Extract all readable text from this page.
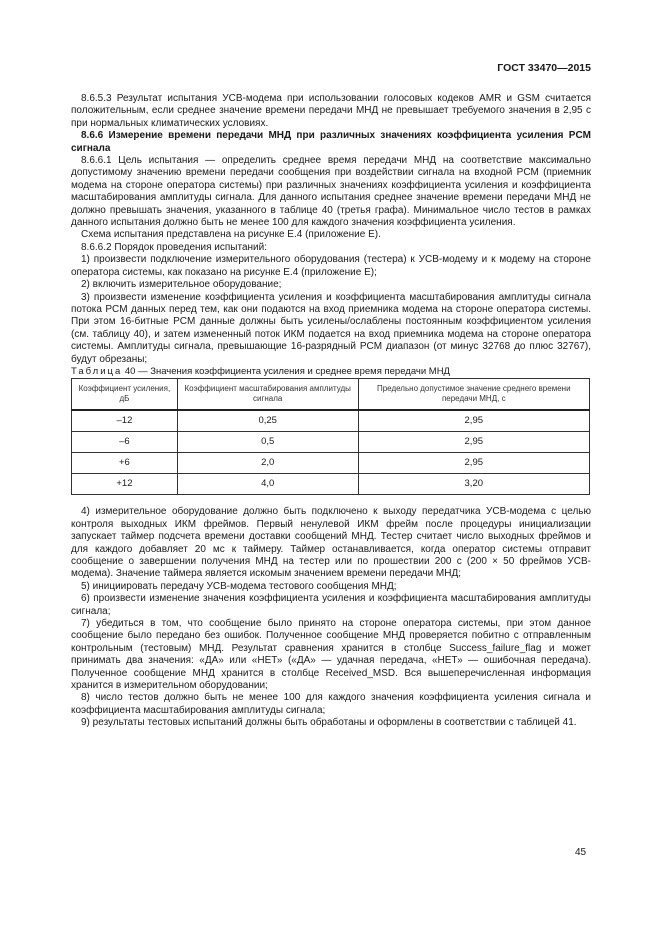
ГОСТ 33470—2015

8.6.5.3 Результат испытания УСВ-модема при использовании голосовых кодеков AMR и GSM считается положительным, если среднее значение времени передачи МНД не превышает требуемого значения в 2,95 с при нормальных климатических условиях.

8.6.6 Измерение времени передачи МНД при различных значениях коэффициента усиления PCM сигнала

8.6.6.1 Цель испытания — определить среднее время передачи МНД на соответствие максимально допустимому значению времени передачи сообщения при воздействии сигнала на входной PCM (приемник модема на стороне оператора системы) при различных значениях коэффициента усиления и коэффициента масштабирования амплитуды сигнала. Для данного испытания среднее значение времени передачи МНД не должно превышать значения, указанного в таблице 40 (третья графа). Минимальное число тестов в рамках данного испытания должно быть не менее 100 для каждого значения коэффициента усиления.

Схема испытания представлена на рисунке Е.4 (приложение Е).

8.6.6.2 Порядок проведения испытаний:

1) произвести подключение измерительного оборудования (тестера) к УСВ-модему и к модему на стороне оператора системы, как показано на рисунке Е.4 (приложение Е);

2) включить измерительное оборудование;

3) произвести изменение коэффициента усиления и коэффициента масштабирования амплитуды сигнала потока PCM данных перед тем, как они подаются на вход приемника модема на стороне оператора системы. При этом 16-битные PCM данные должны быть усилены/ослаблены постоянным коэффициентом усиления (см. таблицу 40), и затем измененный поток ИКМ подается на вход приемника модема на стороне оператора системы. Амплитуды сигнала, превышающие 16-разрядный PCM диапазон (от минус 32768 до плюс 32767), будут обрезаны;

Таблица 40 — Значения коэффициента усиления и среднее время передачи МНД

Коэффициент усиления, дБ	Коэффициент масштабирования амплитуды сигнала	Предельно допустимое значение среднего времени передачи МНД, с
–12	0,25	2,95
–6	0,5	2,95
+6	2,0	2,95
+12	4,0	3,20

4) измерительное оборудование должно быть подключено к выходу передатчика УСВ-модема с целью контроля выходных ИКМ фреймов. Первый ненулевой ИКМ фрейм после процедуры инициализации запускает таймер подсчета времени доставки сообщений МНД. Тестер считает число выходных фреймов и для каждого добавляет 20 мс к таймеру. Таймер останавливается, когда оператор системы отправит сообщение о завершении получения МНД на тестер или по прошествии 200 с (200 × 50 фреймов УСВ-модема). Значение таймера является искомым значением времени передачи МНД;

5) инициировать передачу УСВ-модема тестового сообщения МНД;

6) произвести изменение значения коэффициента усиления и коэффициента масштабирования амплитуды сигнала;

7) убедиться в том, что сообщение было принято на стороне оператора системы, при этом данное сообщение было передано без ошибок. Полученное сообщение МНД проверяется побитно с отправленным контрольным (тестовым) МНД. Результат сравнения хранится в столбце Success_failure_flag и может принимать два значения: «ДА» или «НЕТ» («ДА» — удачная передача, «НЕТ» — ошибочная передача). Полученное сообщение МНД хранится в столбце Received_MSD. Вся вышеперечисленная информация хранится в измерительном оборудовании;

8) число тестов должно быть не менее 100 для каждого значения коэффициента усиления сигнала и коэффициента масштабирования амплитуды сигнала;

9) результаты тестовых испытаний должны быть обработаны и оформлены в соответствии с таблицей 41.

45
